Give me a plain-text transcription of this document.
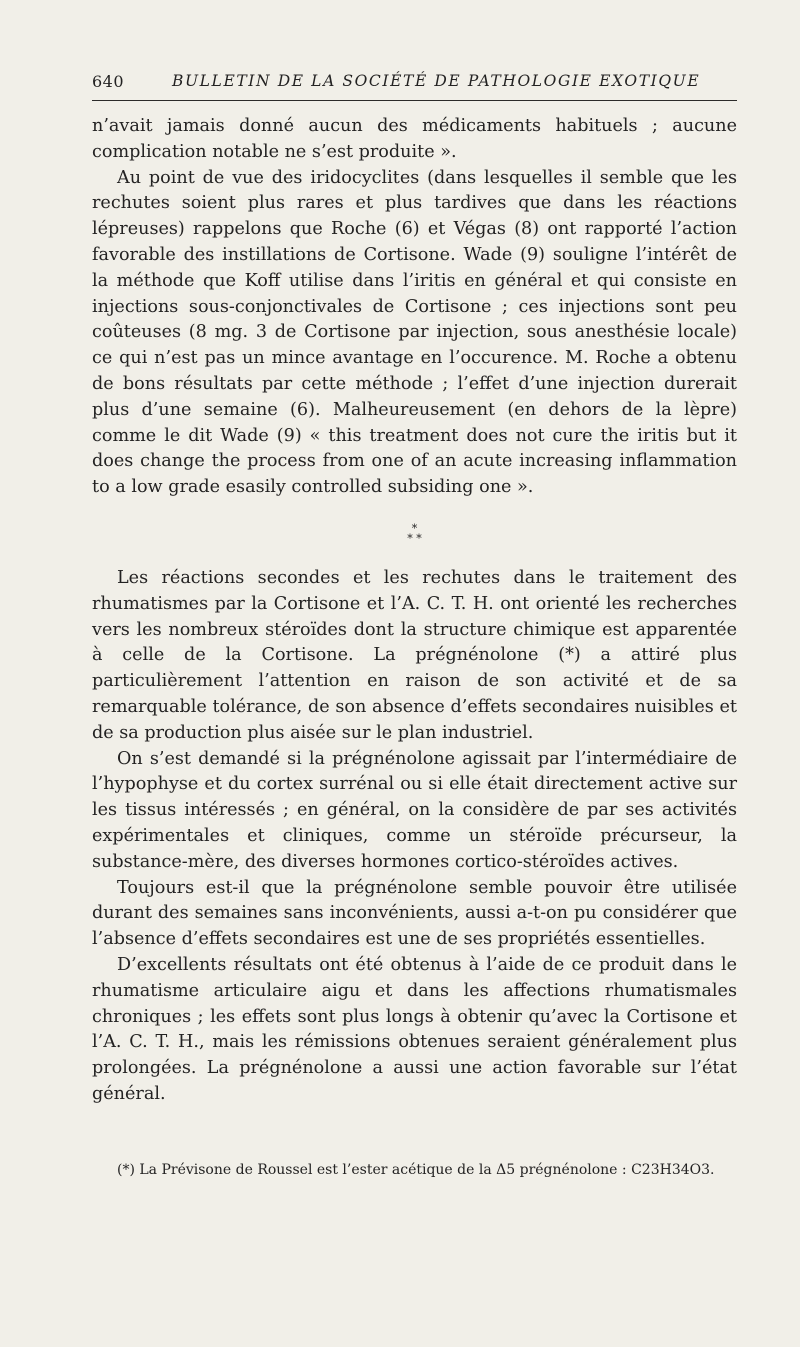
640	BULLETIN DE LA SOCIÉTÉ DE PATHOLOGIE EXOTIQUE

n’avait jamais donné aucun des médicaments habituels ; aucune complication notable ne s’est produite ».

Au point de vue des iridocyclites (dans lesquelles il semble que les rechutes soient plus rares et plus tardives que dans les réactions lépreuses) rappelons que Roche (6) et Végas (8) ont rapporté l’action favorable des instillations de Cortisone. Wade (9) souligne l’intérêt de la méthode que Koff utilise dans l’iritis en général et qui consiste en injections sous-conjonctivales de Cortisone ; ces injections sont peu coûteuses (8 mg. 3 de Cortisone par injection, sous anesthésie locale) ce qui n’est pas un mince avantage en l’occurence. M. Roche a obtenu de bons résultats par cette méthode ; l’effet d’une injection durerait plus d’une semaine (6). Malheureusement (en dehors de la lèpre) comme le dit Wade (9) « this treatment does not cure the iritis but it does change the process from one of an acute increasing inflammation to a low grade esasily controlled subsiding one ».

*
* *

Les réactions secondes et les rechutes dans le traitement des rhumatismes par la Cortisone et l’A. C. T. H. ont orienté les recherches vers les nombreux stéroïdes dont la structure chimique est apparentée à celle de la Cortisone. La prégnénolone (*) a attiré plus particulièrement l’attention en raison de son activité et de sa remarquable tolérance, de son absence d’effets secondaires nuisibles et de sa production plus aisée sur le plan industriel.

On s’est demandé si la prégnénolone agissait par l’intermédiaire de l’hypophyse et du cortex surrénal ou si elle était directement active sur les tissus intéressés ; en général, on la considère de par ses activités expérimentales et cliniques, comme un stéroïde précurseur, la substance-mère, des diverses hormones cortico-stéroïdes actives.

Toujours est-il que la prégnénolone semble pouvoir être utilisée durant des semaines sans inconvénients, aussi a-t-on pu considérer que l’absence d’effets secondaires est une de ses propriétés essentielles.

D’excellents résultats ont été obtenus à l’aide de ce produit dans le rhumatisme articulaire aigu et dans les affections rhumatismales chroniques ; les effets sont plus longs à obtenir qu’avec la Cortisone et l’A. C. T. H., mais les rémissions obtenues seraient généralement plus prolongées. La prégnénolone a aussi une action favorable sur l’état général.

(*) La Prévisone de Roussel est l’ester acétique de la Δ5 prégnénolone : C23H34O3.
